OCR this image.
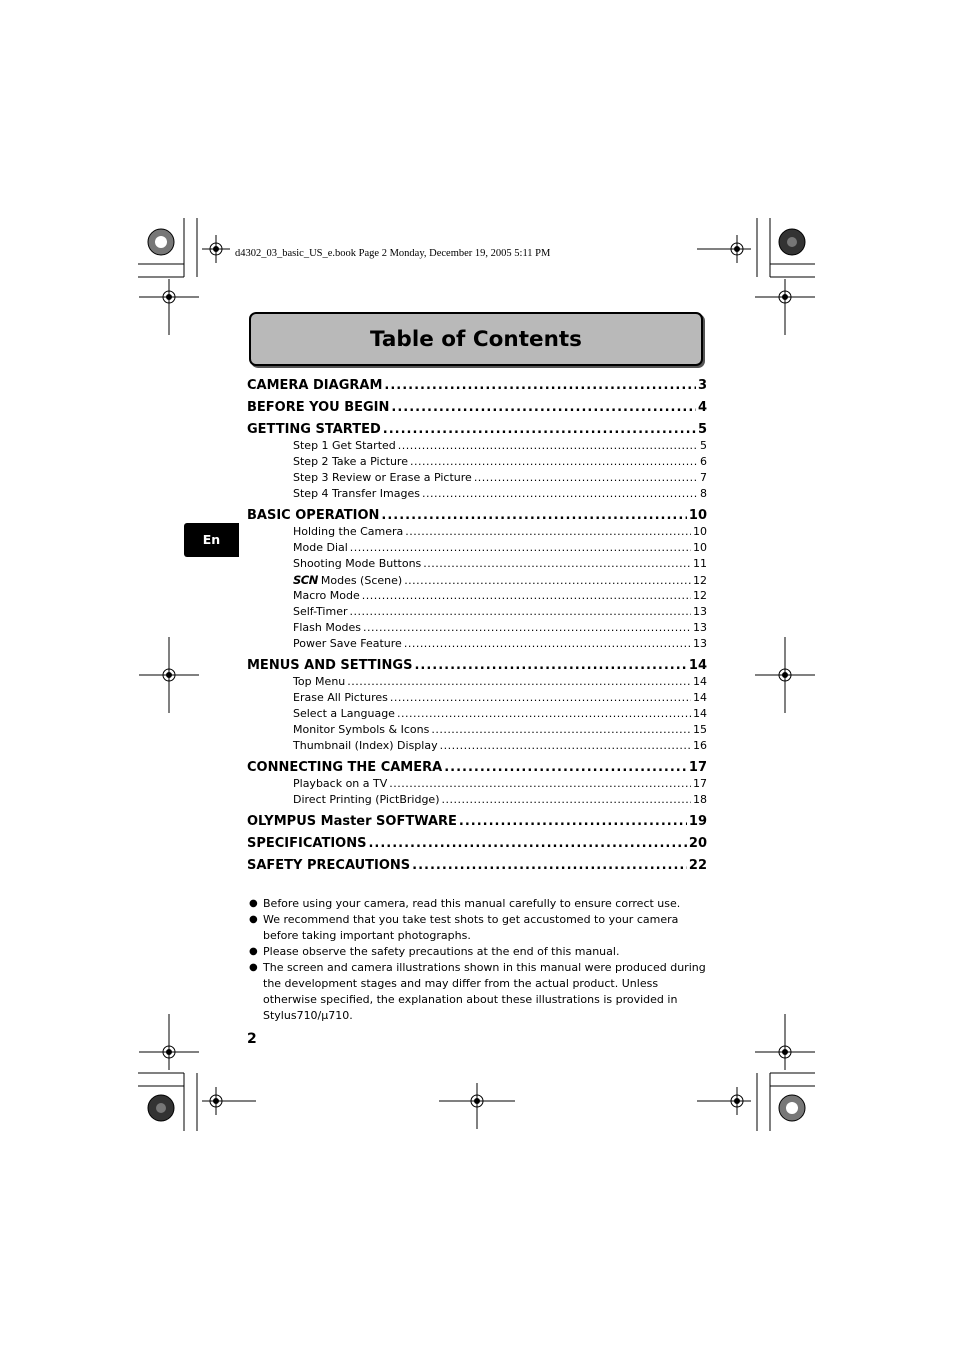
d4302_03_basic_US_e.book Page 2 Monday, December 19, 2005 5:11 PM
Table of Contents
En
CAMERA DIAGRAM .....	3
BEFORE YOU BEGIN .....	4
GETTING STARTED .....	5
Step 1 Get Started .....	5
Step 2 Take a Picture .....	6
Step 3 Review or Erase a Picture .....	7
Step 4 Transfer Images .....	8
BASIC OPERATION .....	10
Holding the Camera .....	10
Mode Dial .....	10
Shooting Mode Buttons .....	11
SCN Modes (Scene) .....	12
Macro Mode .....	12
Self-Timer .....	13
Flash Modes .....	13
Power Save Feature .....	13
MENUS AND SETTINGS .....	14
Top Menu .....	14
Erase All Pictures .....	14
Select a Language .....	14
Monitor Symbols & Icons .....	15
Thumbnail (Index) Display .....	16
CONNECTING THE CAMERA .....	17
Playback on a TV .....	17
Direct Printing (PictBridge) .....	18
OLYMPUS Master SOFTWARE .....	19
SPECIFICATIONS .....	20
SAFETY PRECAUTIONS .....	22
● Before using your camera, read this manual carefully to ensure correct use.
● We recommend that you take test shots to get accustomed to your camera before taking important photographs.
● Please observe the safety precautions at the end of this manual.
● The screen and camera illustrations shown in this manual were produced during the development stages and may differ from the actual product. Unless otherwise specified, the explanation about these illustrations is provided in Stylus710/µ710.
2
